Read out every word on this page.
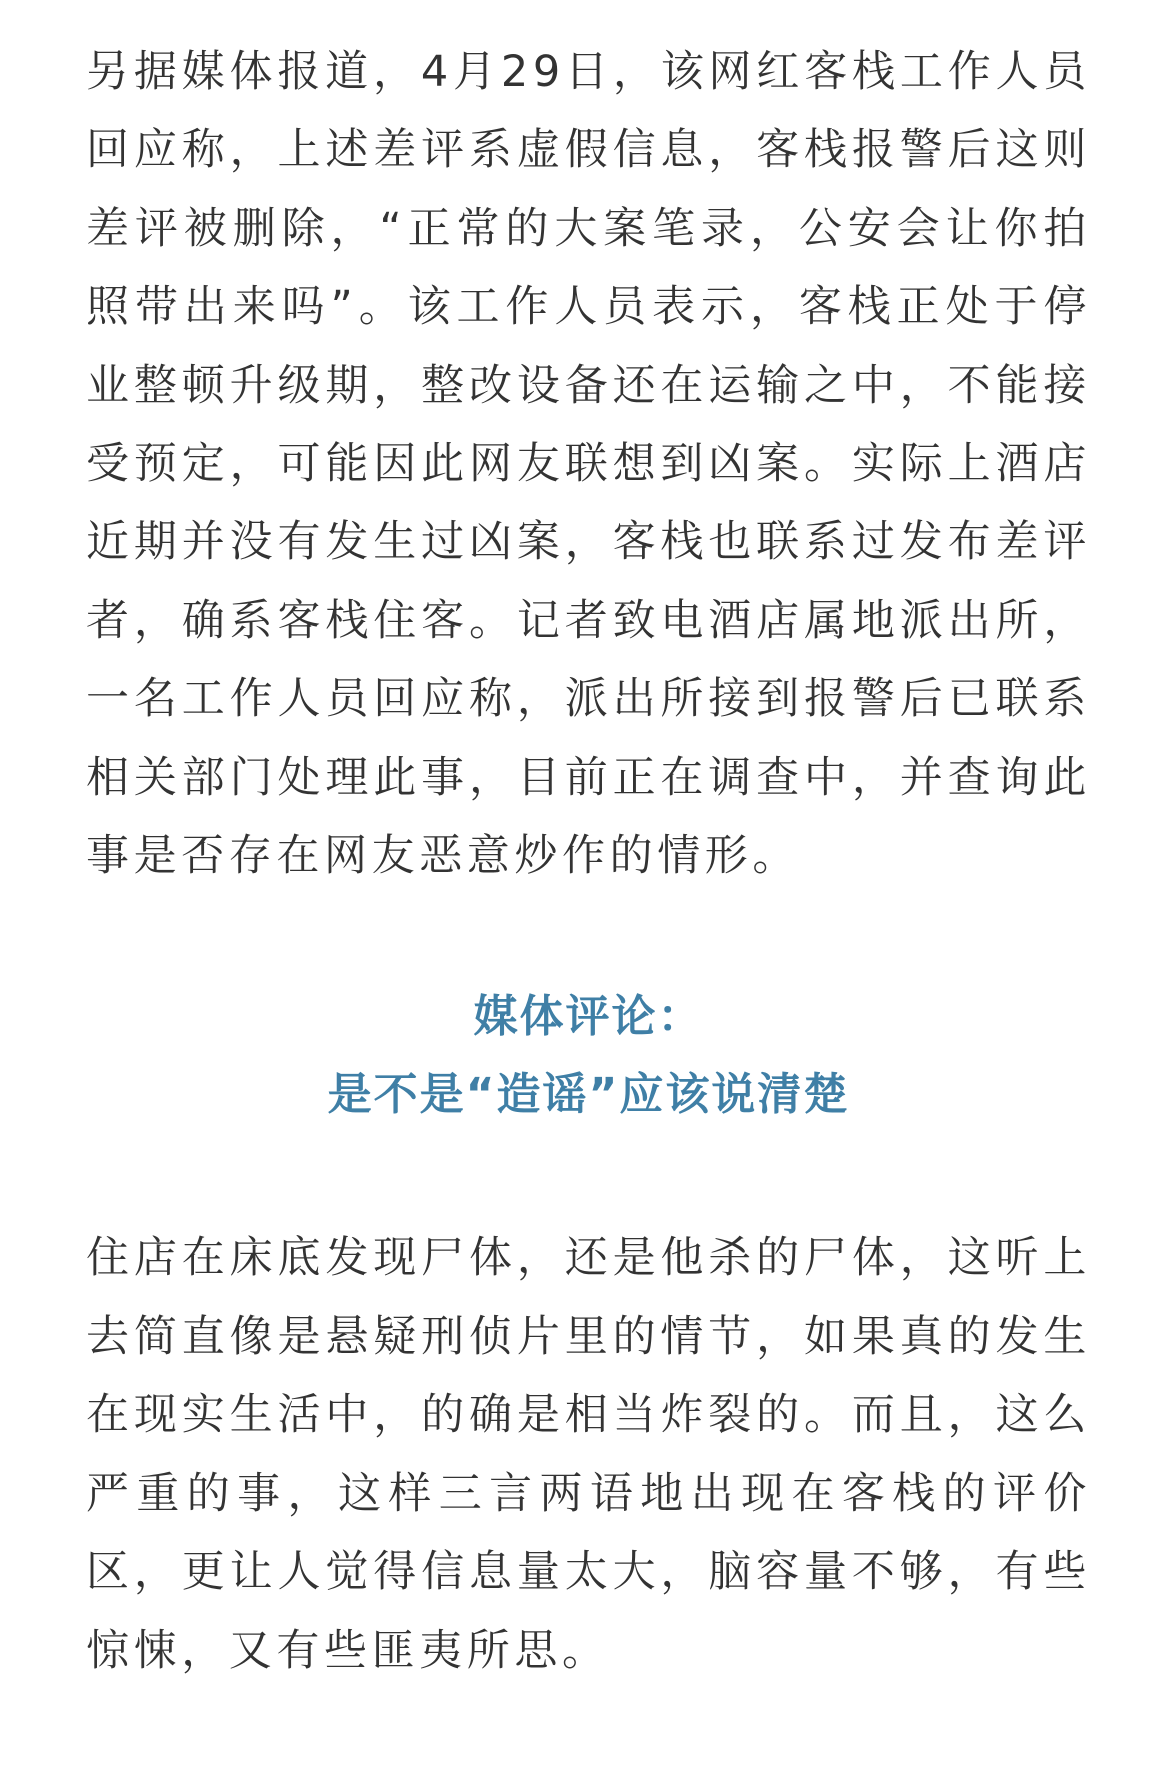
另据媒体报道，4月29日，该网红客栈工作人员回应称，上述差评系虚假信息，客栈报警后这则差评被删除，“正常的大案笔录，公安会让你拍照带出来吗”。该工作人员表示，客栈正处于停业整顿升级期，整改设备还在运输之中，不能接受预定，可能因此网友联想到凶案。实际上酒店近期并没有发生过凶案，客栈也联系过发布差评者，确系客栈住客。记者致电酒店属地派出所，一名工作人员回应称，派出所接到报警后已联系相关部门处理此事，目前正在调查中，并查询此事是否存在网友恶意炒作的情形。

媒体评论：
是不是“造谣”应该说清楚

住店在床底发现尸体，还是他杀的尸体，这听上去简直像是悬疑刑侦片里的情节，如果真的发生在现实生活中，的确是相当炸裂的。而且，这么严重的事，这样三言两语地出现在客栈的评价区，更让人觉得信息量太大，脑容量不够，有些惊悚，又有些匪夷所思。
